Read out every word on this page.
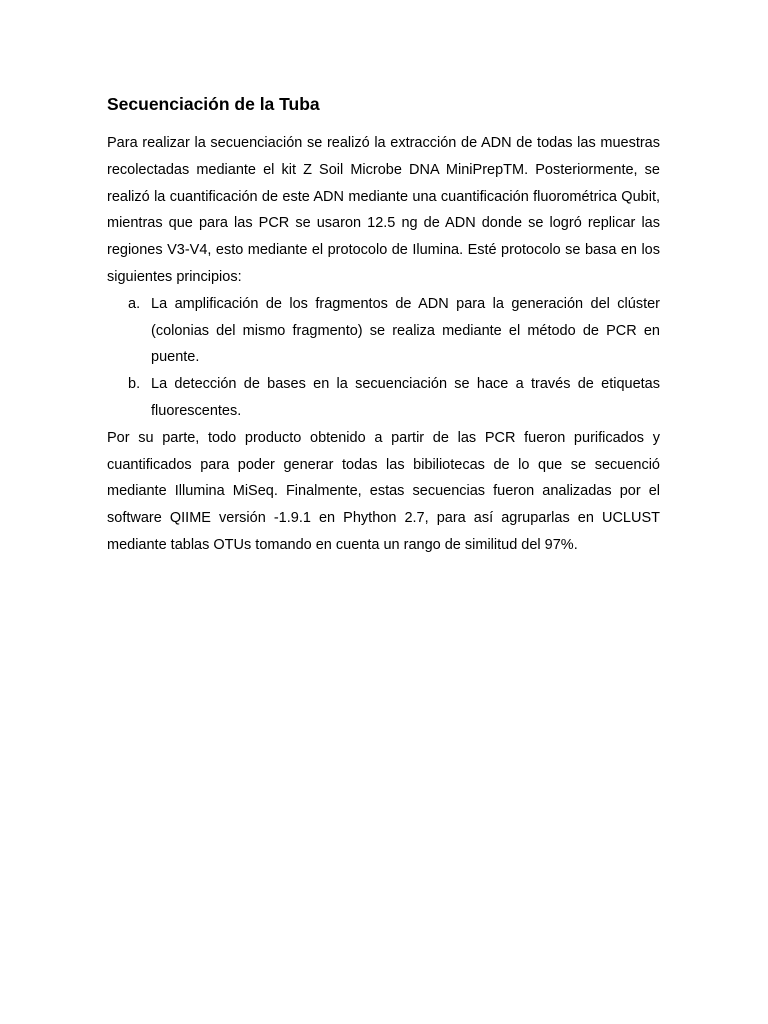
Secuenciación de la Tuba

Para realizar la secuenciación se realizó la extracción de ADN de todas las muestras recolectadas mediante el kit Z Soil Microbe DNA MiniPrepTM. Posteriormente, se realizó la cuantificación de este ADN mediante una cuantificación fluorométrica Qubit, mientras que para las PCR se usaron 12.5 ng de ADN donde se logró replicar las regiones V3-V4, esto mediante el protocolo de Ilumina. Esté protocolo se basa en los siguientes principios:

a. La amplificación de los fragmentos de ADN para la generación del clúster (colonias del mismo fragmento) se realiza mediante el método de PCR en puente.
b. La detección de bases en la secuenciación se hace a través de etiquetas fluorescentes.

Por su parte, todo producto obtenido a partir de las PCR fueron purificados y cuantificados para poder generar todas las bibiliotecas de lo que se secuenció mediante Illumina MiSeq. Finalmente, estas secuencias fueron analizadas por el software QIIME versión -1.9.1 en Phython 2.7, para así agruparlas en UCLUST mediante tablas OTUs tomando en cuenta un rango de similitud del 97%.
